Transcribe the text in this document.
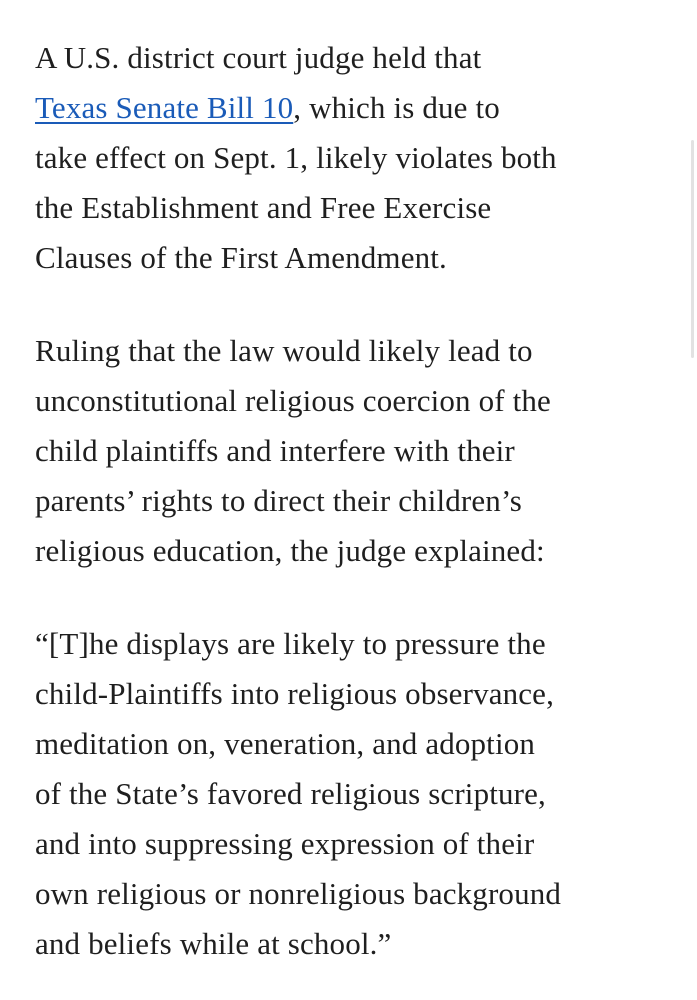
A U.S. district court judge held that
Texas Senate Bill 10, which is due to
take effect on Sept. 1, likely violates both
the Establishment and Free Exercise
Clauses of the First Amendment.

Ruling that the law would likely lead to
unconstitutional religious coercion of the
child plaintiffs and interfere with their
parents’ rights to direct their children’s
religious education, the judge explained:

“[T]he displays are likely to pressure the
child-Plaintiffs into religious observance,
meditation on, veneration, and adoption
of the State’s favored religious scripture,
and into suppressing expression of their
own religious or nonreligious background
and beliefs while at school.”
